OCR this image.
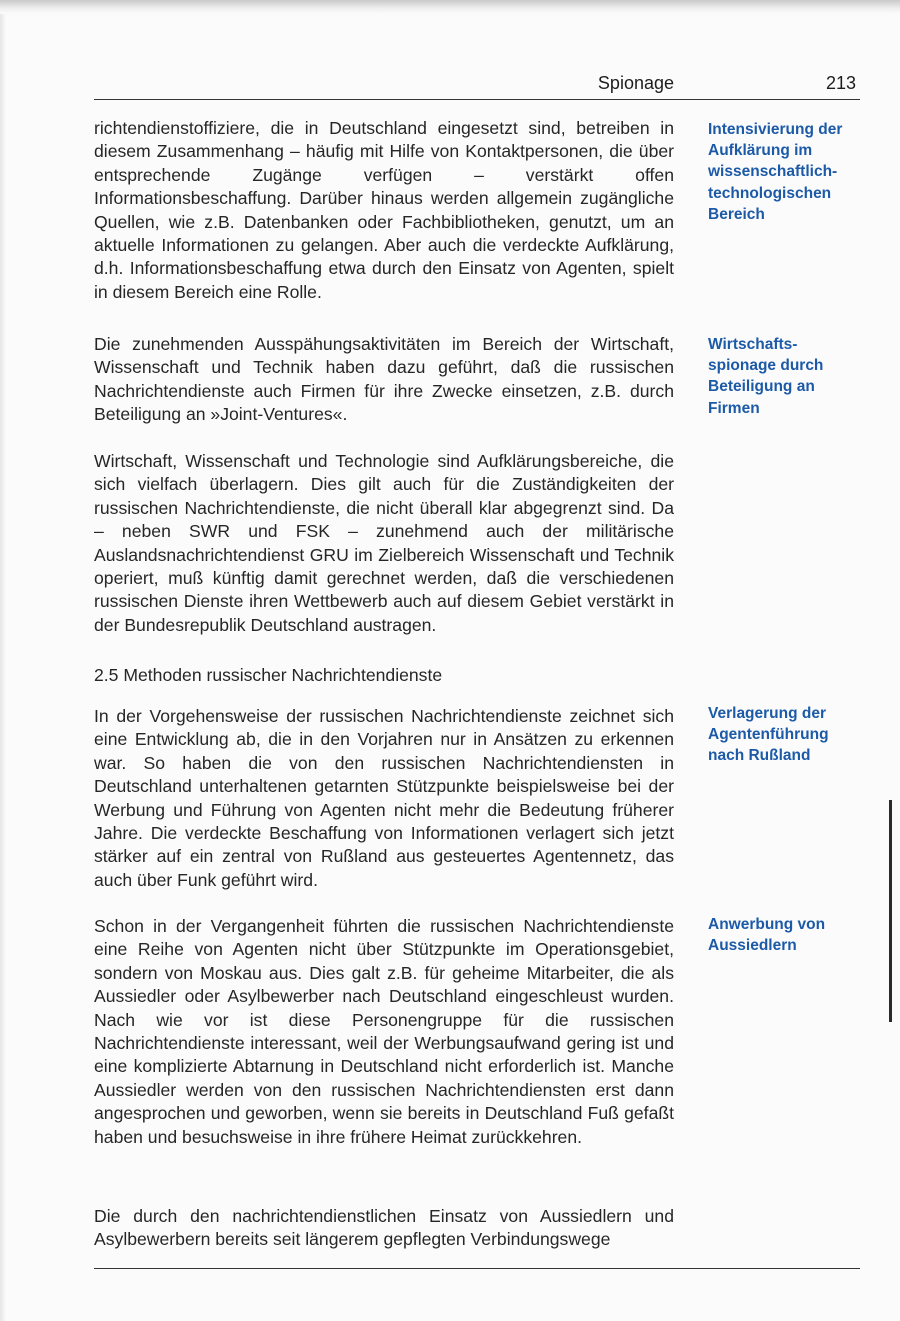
Spionage	213

richtendienstoffiziere, die in Deutschland eingesetzt sind, betreiben in diesem Zusammenhang – häufig mit Hilfe von Kontaktpersonen, die über entsprechende Zugänge verfügen – verstärkt offen Informationsbeschaffung. Darüber hinaus werden allgemein zugängliche Quellen, wie z.B. Datenbanken oder Fachbibliotheken, genutzt, um an aktuelle Informationen zu gelangen. Aber auch die verdeckte Aufklärung, d.h. Informationsbeschaffung etwa durch den Einsatz von Agenten, spielt in diesem Bereich eine Rolle.

Die zunehmenden Ausspähungsaktivitäten im Bereich der Wirtschaft, Wissenschaft und Technik haben dazu geführt, daß die russischen Nachrichtendienste auch Firmen für ihre Zwecke einsetzen, z.B. durch Beteiligung an »Joint-Ventures«.

Wirtschaft, Wissenschaft und Technologie sind Aufklärungsbereiche, die sich vielfach überlagern. Dies gilt auch für die Zuständigkeiten der russischen Nachrichtendienste, die nicht überall klar abgegrenzt sind. Da – neben SWR und FSK – zunehmend auch der militärische Auslandsnachrichtendienst GRU im Zielbereich Wissenschaft und Technik operiert, muß künftig damit gerechnet werden, daß die verschiedenen russischen Dienste ihren Wettbewerb auch auf diesem Gebiet verstärkt in der Bundesrepublik Deutschland austragen.

2.5 Methoden russischer Nachrichtendienste

In der Vorgehensweise der russischen Nachrichtendienste zeichnet sich eine Entwicklung ab, die in den Vorjahren nur in Ansätzen zu erkennen war. So haben die von den russischen Nachrichtendiensten in Deutschland unterhaltenen getarnten Stützpunkte beispielsweise bei der Werbung und Führung von Agenten nicht mehr die Bedeutung früherer Jahre. Die verdeckte Beschaffung von Informationen verlagert sich jetzt stärker auf ein zentral von Rußland aus gesteuertes Agentennetz, das auch über Funk geführt wird.

Schon in der Vergangenheit führten die russischen Nachrichtendienste eine Reihe von Agenten nicht über Stützpunkte im Operationsgebiet, sondern von Moskau aus. Dies galt z.B. für geheime Mitarbeiter, die als Aussiedler oder Asylbewerber nach Deutschland eingeschleust wurden. Nach wie vor ist diese Personengruppe für die russischen Nachrichtendienste interessant, weil der Werbungsaufwand gering ist und eine komplizierte Abtarnung in Deutschland nicht erforderlich ist. Manche Aussiedler werden von den russischen Nachrichtendiensten erst dann angesprochen und geworben, wenn sie bereits in Deutschland Fuß gefaßt haben und besuchsweise in ihre frühere Heimat zurückkehren.

Die durch den nachrichtendienstlichen Einsatz von Aussiedlern und Asylbewerbern bereits seit längerem gepflegten Verbindungswege

Intensivierung der Aufklärung im wissenschaftlich-technologischen Bereich

Wirtschafts-spionage durch Beteiligung an Firmen

Verlagerung der Agentenführung nach Rußland

Anwerbung von Aussiedlern
